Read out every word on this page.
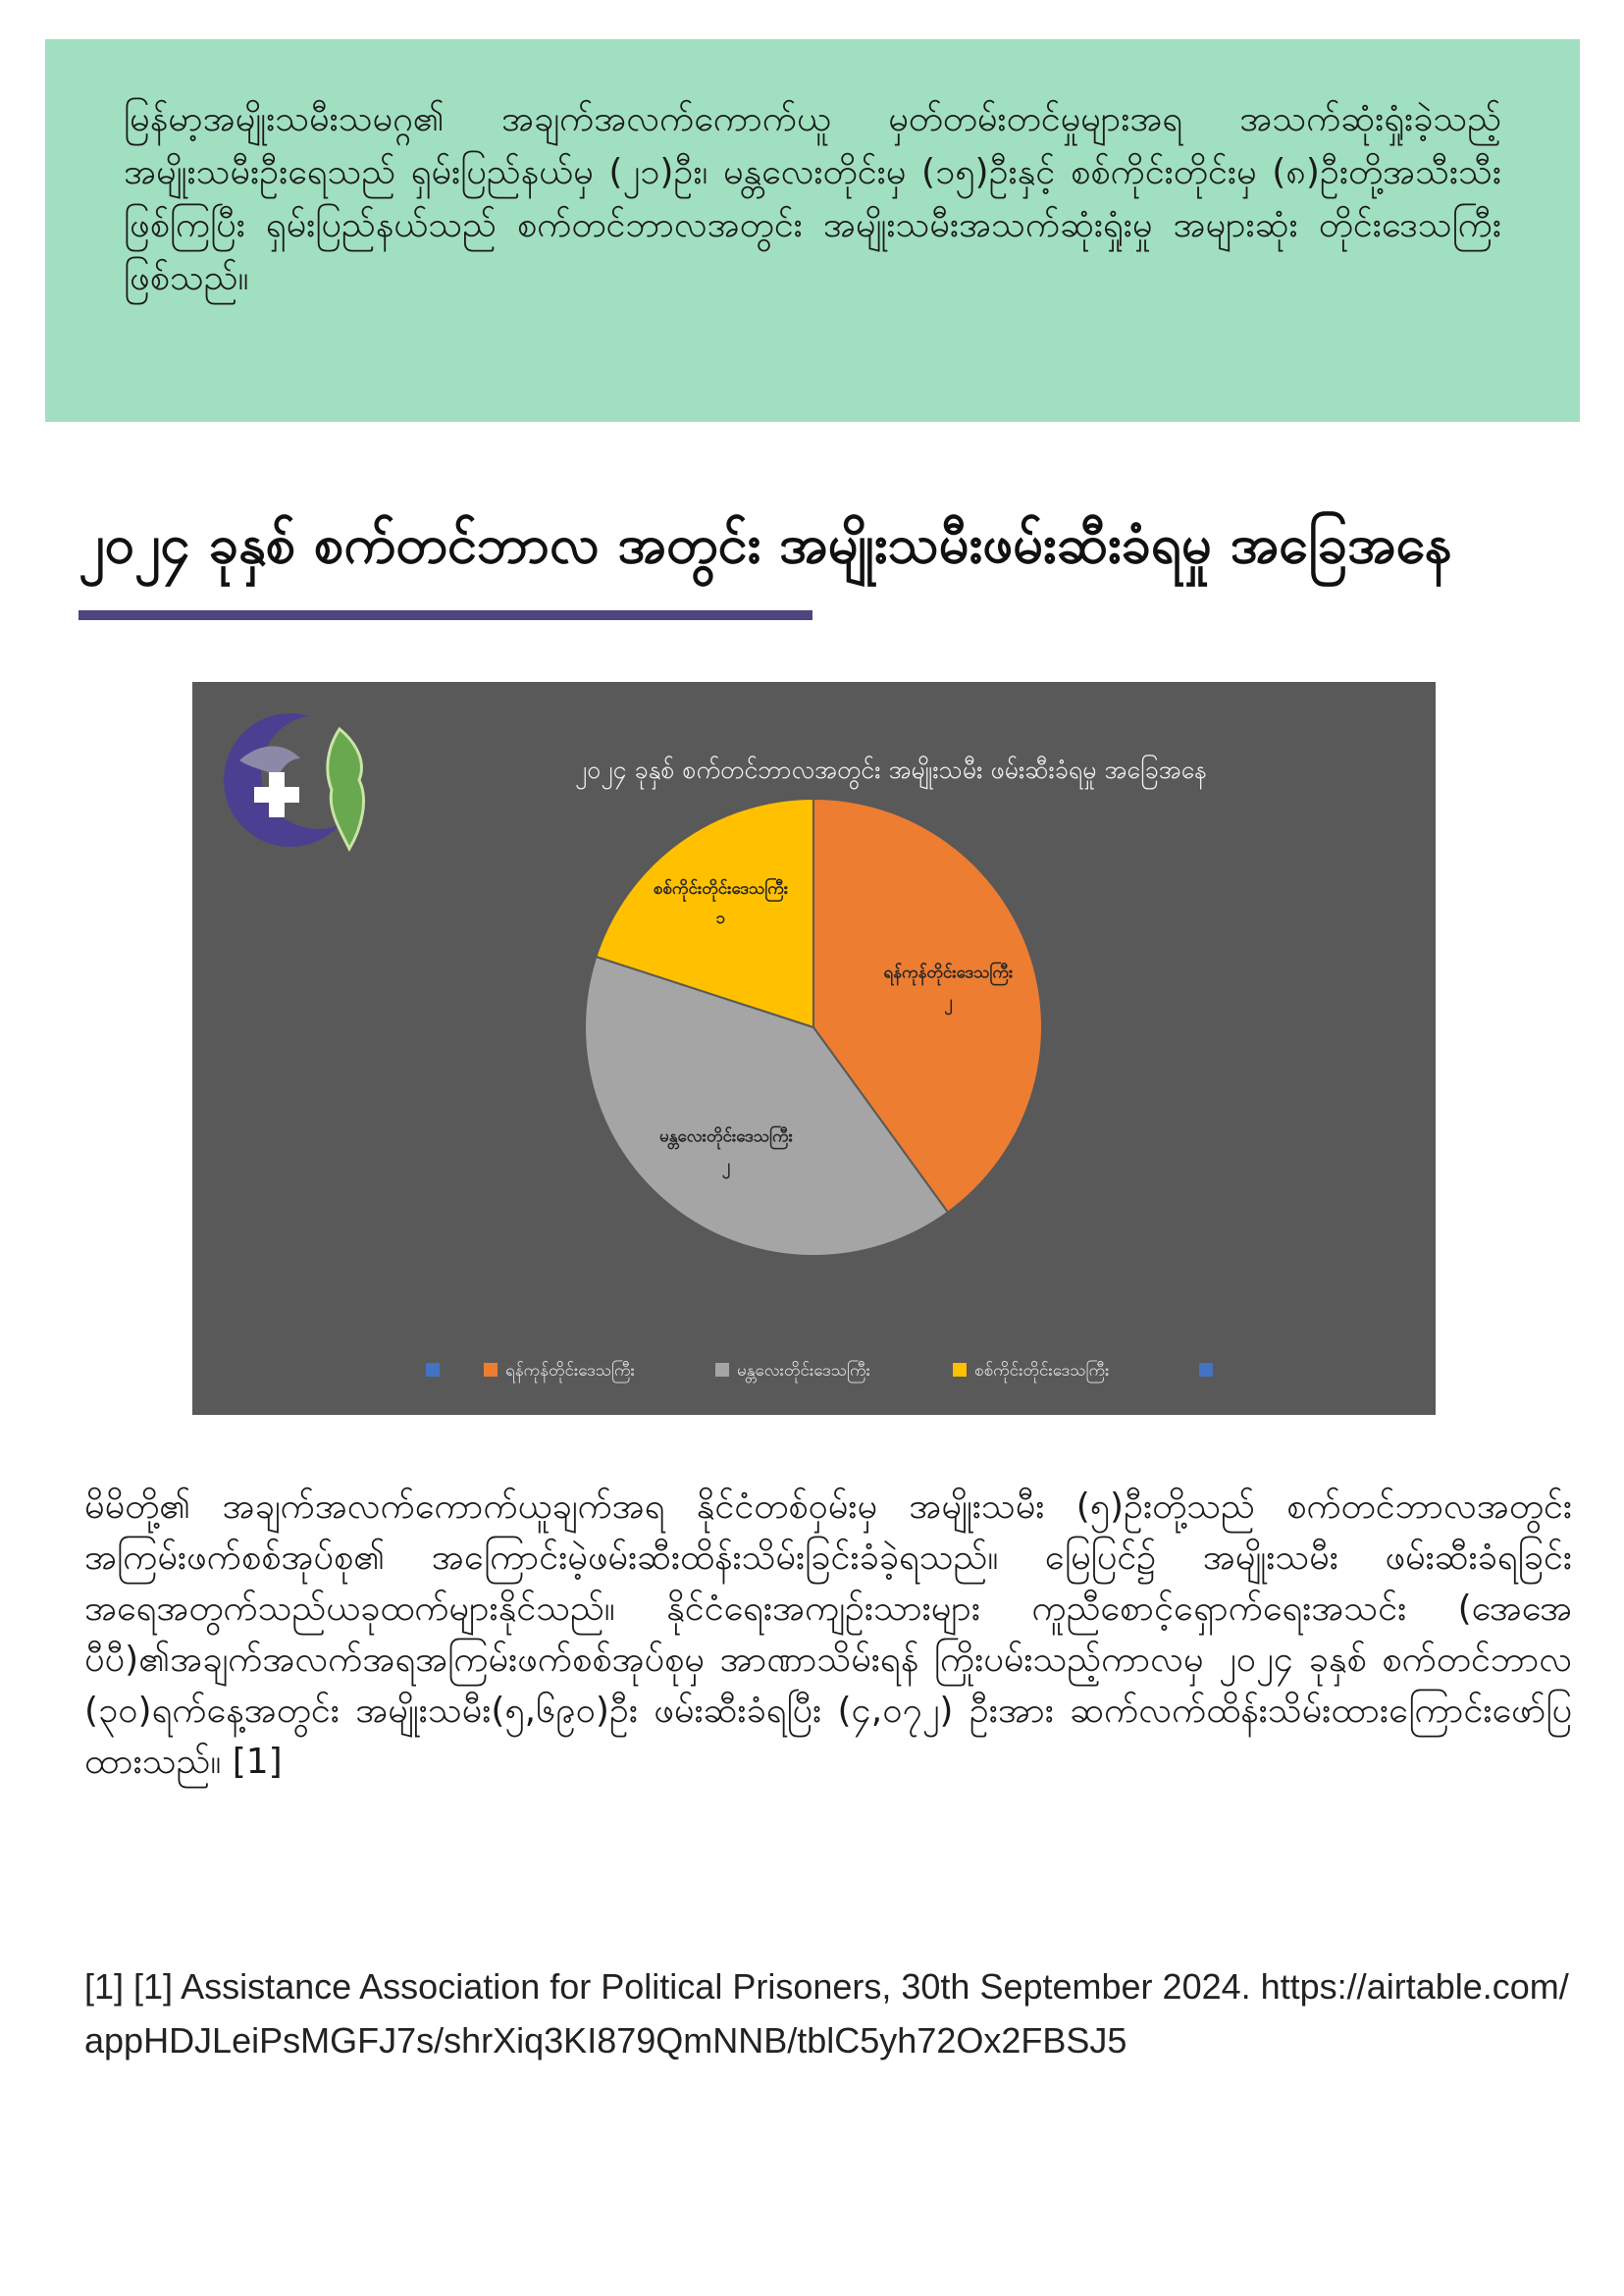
မြန်မာ့အမျိုးသမီးသမဂ္ဂ၏ အချက်အလက်ကောက်ယူ မှတ်တမ်းတင်မှုများအရ အသက်ဆုံးရှုံးခဲ့သည့် အမျိုးသမီးဦးရေသည် ရှမ်းပြည်နယ်မှ (၂၁)ဦး၊ မန္တလေးတိုင်းမှ (၁၅)ဦးနှင့် စစ်ကိုင်းတိုင်းမှ (၈)ဦးတို့အသီးသီး ဖြစ်ကြပြီး ရှမ်းပြည်နယ်သည် စက်တင်ဘာလအတွင်း အမျိုးသမီးအသက်ဆုံးရှုံးမှု အများဆုံး တိုင်းဒေသကြီးဖြစ်သည်။

၂၀၂၄ ခုနှစ် စက်တင်ဘာလ အတွင်း အမျိုးသမီးဖမ်းဆီးခံရမှု အခြေအနေ
၂၀၂၄ ခုနှစ် စက်တင်ဘာလအတွင်း အမျိုးသမီး ဖမ်းဆီးခံရမှု အခြေအနေ
ရန်ကုန်တိုင်းဒေသကြီး
၂
မန္တလေးတိုင်းဒေသကြီး
၂
စစ်ကိုင်းတိုင်းဒေသကြီး
၁
ရန်ကုန်တိုင်းဒေသကြီး	မန္တလေးတိုင်းဒေသကြီး	စစ်ကိုင်းတိုင်းဒေသကြီး

မိမိတို့၏ အချက်အလက်ကောက်ယူချက်အရ နိုင်ငံတစ်ဝှမ်းမှ အမျိုးသမီး (၅)ဦးတို့သည် စက်တင်ဘာလအတွင်း အကြမ်းဖက်စစ်အုပ်စု၏ အကြောင်းမဲ့ဖမ်းဆီးထိန်းသိမ်းခြင်းခံခဲ့ရသည်။ မြေပြင်၌ အမျိုးသမီး ဖမ်းဆီးခံရခြင်း အရေအတွက်သည်ယခုထက်များနိုင်သည်။ နိုင်ငံရေးအကျဉ်းသားများ ကူညီစောင့်ရှောက်ရေးအသင်း (အေအေပီပီ)၏အချက်အလက်အရအကြမ်းဖက်စစ်အုပ်စုမှ အာဏာသိမ်းရန် ကြိုးပမ်းသည့်ကာလမှ ၂၀၂၄ ခုနှစ် စက်တင်ဘာလ (၃၀)ရက်နေ့အတွင်း အမျိုးသမီး(၅,၆၉၀)ဦး ဖမ်းဆီးခံရပြီး (၄,၀၇၂) ဦးအား ဆက်လက်ထိန်းသိမ်းထားကြောင်းဖော်ပြထားသည်။ [1]

[1] [1] Assistance Association for Political Prisoners, 30th September 2024. https://airtable.com/appHDJLeiPsMGFJ7s/shrXiq3KI879QmNNB/tblC5yh72Ox2FBSJ5
